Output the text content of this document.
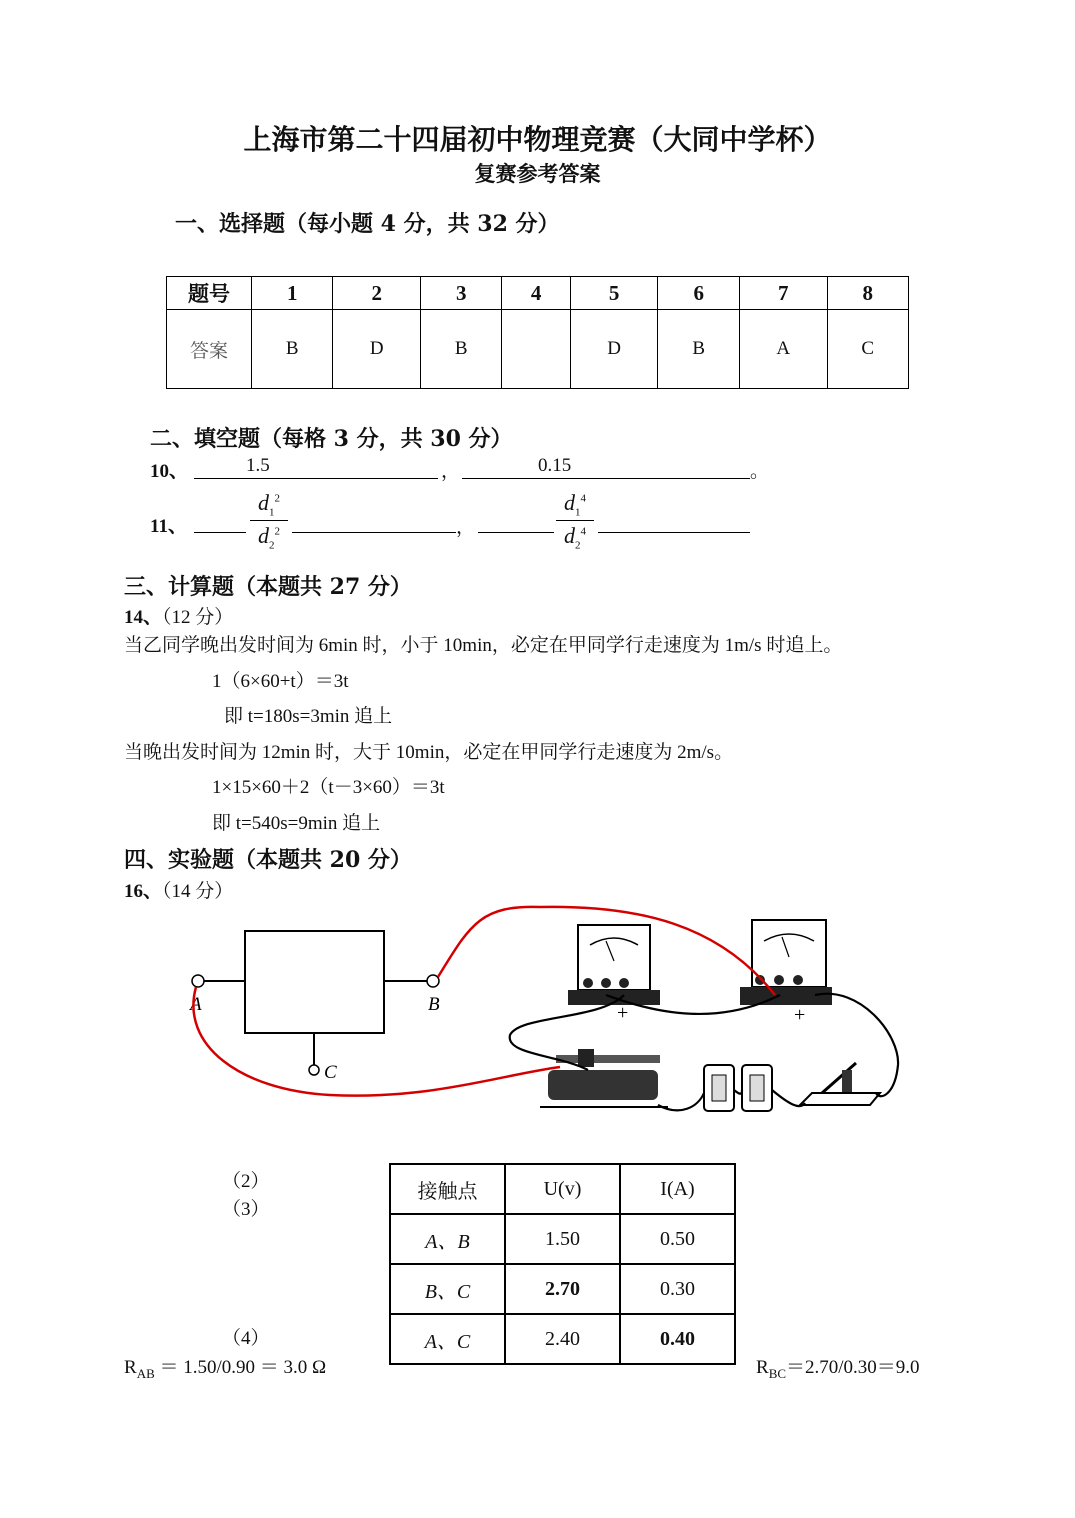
上海市第二十四届初中物理竞赛（大同中学杯）
复赛参考答案
一、选择题（每小题 4 分，共 32 分）
题号	1	2	3	4	5	6	7	8
答案	B	D	B		D	B	A	C
二、填空题（每格 3 分，共 30 分）
10、	1.5	，	0.15	。
11、
$d_1^2$
$d_2^2$	，
$d_1^4$
$d_2^4$
三、计算题（本题共 27 分）
14、（12 分）
当乙同学晚出发时间为 6min 时，小于 10min，必定在甲同学行走速度为 1m/s 时追上。
1（6×60+t）＝3t
即 t=180s=3min 追上
当晚出发时间为 12min 时，大于 10min，必定在甲同学行走速度为 2m/s。
1×15×60＋2（t－3×60）＝3t
即 t=540s=9min 追上
四、实验题（本题共 20 分）
16、（14 分）
A	B
C
+	+
（2）
（3）
（4）
接触点	U(v)	I(A)
A、B	1.50	0.50
B、C	2.70	0.30
A、C	2.40	0.40
$R_{AB} = 1.50/0.90 = 3.0$ Ω	$R_{BC}=2.70/0.30=9.0$
